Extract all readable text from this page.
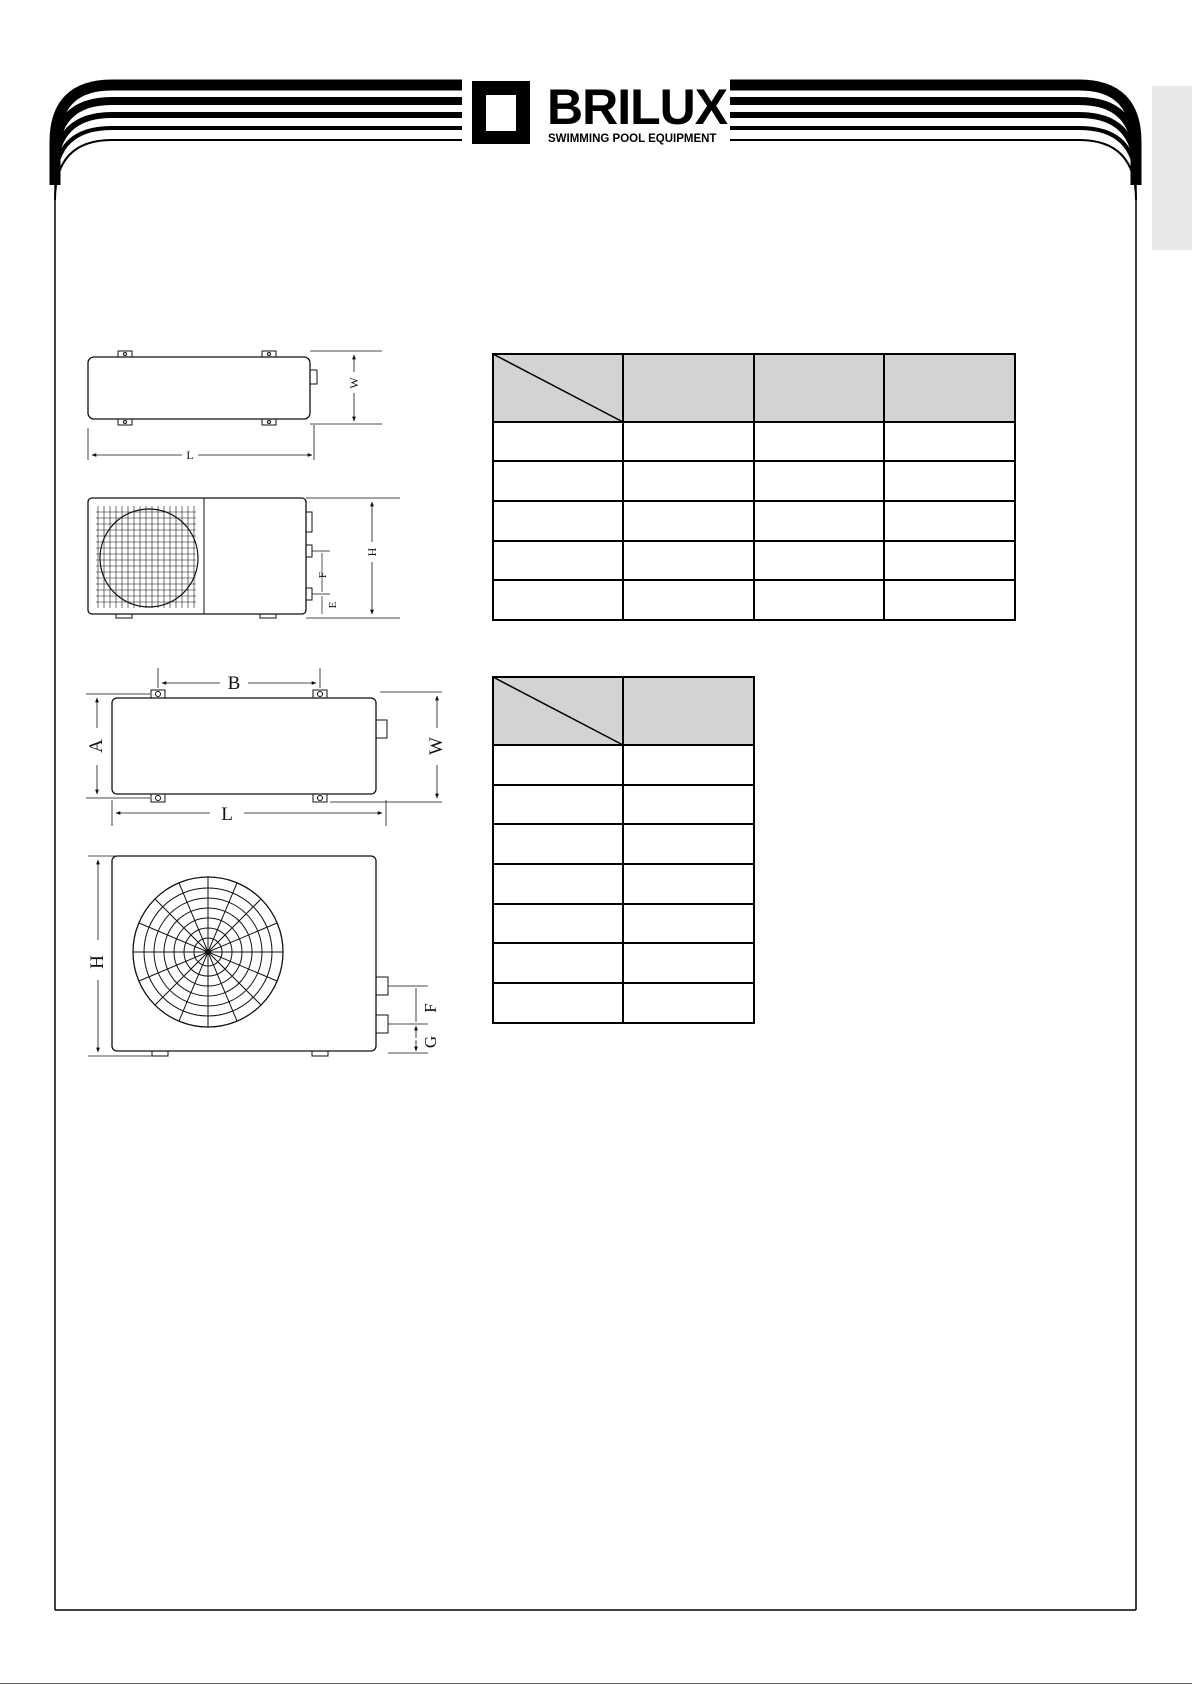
BRILUX
SWIMMING POOL EQUIPMENT
L
W
H
F
E
B
A	W
L
H
F
G
